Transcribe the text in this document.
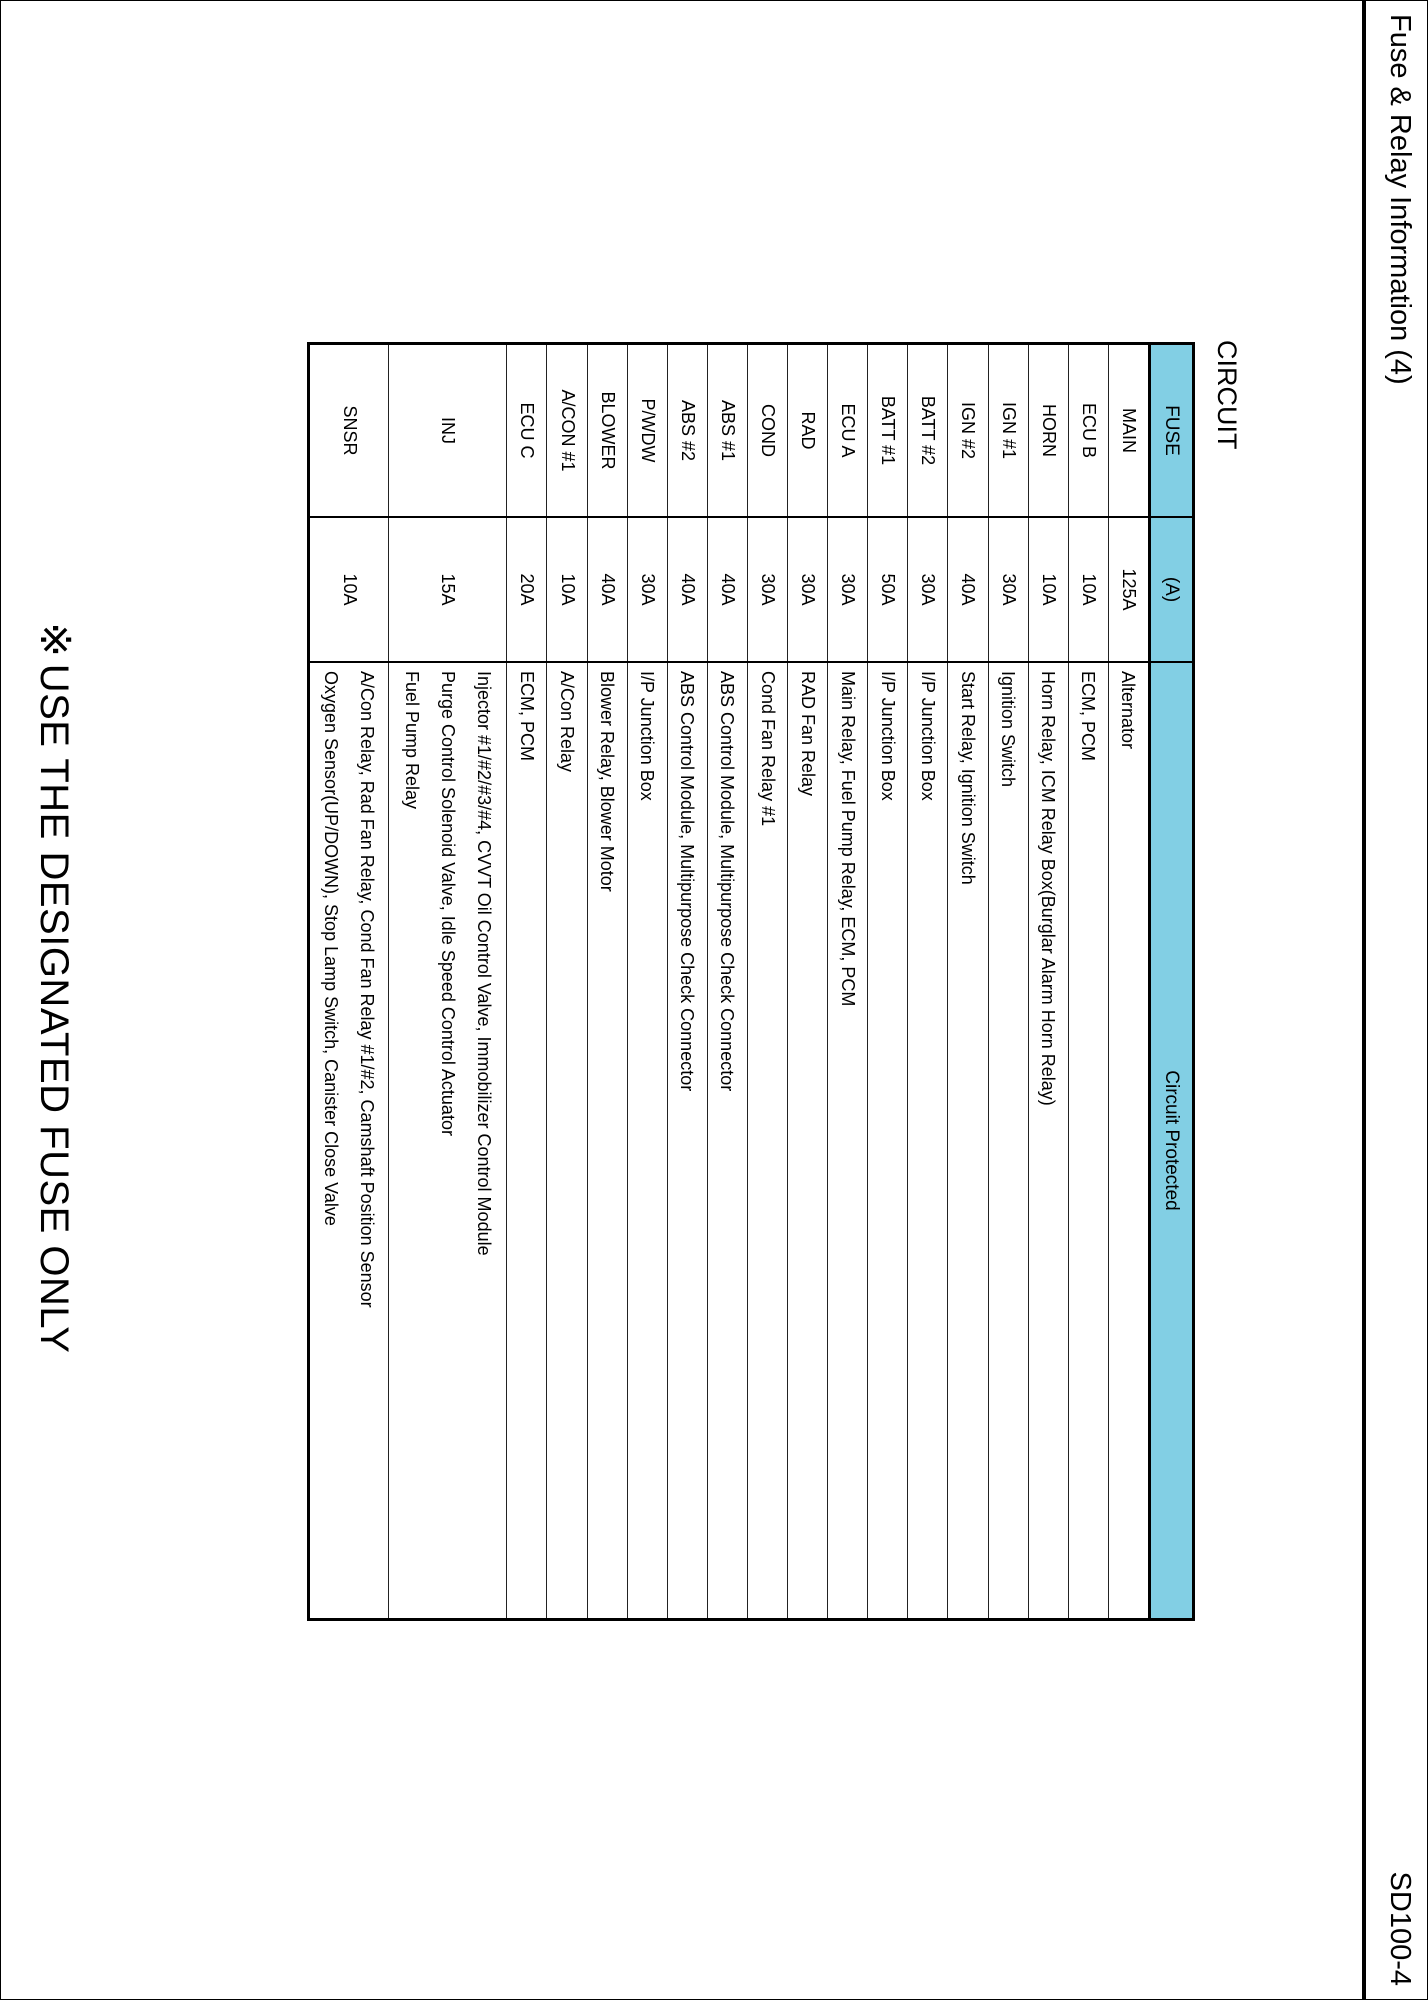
Fuse & Relay Information (4)
SD100-4
CIRCUIT
FUSE	(A)	Circuit Protected
MAIN	125A	Alternator

ECU B	10A	ECM, PCM

HORN	10A	Horn Relay, ICM Relay Box(Burglar Alarm Horn Relay)

IGN #1	30A	Ignition Switch

IGN #2	40A	Start Relay, Ignition Switch

BATT #2	30A	I/P Junction Box

BATT #1	50A	I/P Junction Box

ECU A	30A	Main Relay, Fuel Pump Relay, ECM, PCM

RAD	30A	RAD Fan Relay

COND	30A	Cond Fan Relay #1

ABS #1	40A	ABS Control Module, Multipurpose Check Connector

ABS #2	40A	ABS Control Module, Multipurpose Check Connector

P/WDW	30A	I/P Junction Box

BLOWER	40A	Blower Relay, Blower Motor

A/CON #1	10A	A/Con Relay

ECU C	20A	ECM, PCM

INJ	15A	Injector #1/#2/#3/#4, CVVT Oil Control Valve, Immobilizer Control Module
Purge Control Solenoid Valve, Idle Speed Control Actuator
Fuel Pump Relay

SNSR	10A	A/Con Relay, Rad Fan Relay, Cond Fan Relay #1/#2, Camshaft Position Sensor
Oxygen Sensor(UP/DOWN), Stop Lamp Switch, Canister Close Valve
※USE THE DESIGNATED FUSE ONLY
